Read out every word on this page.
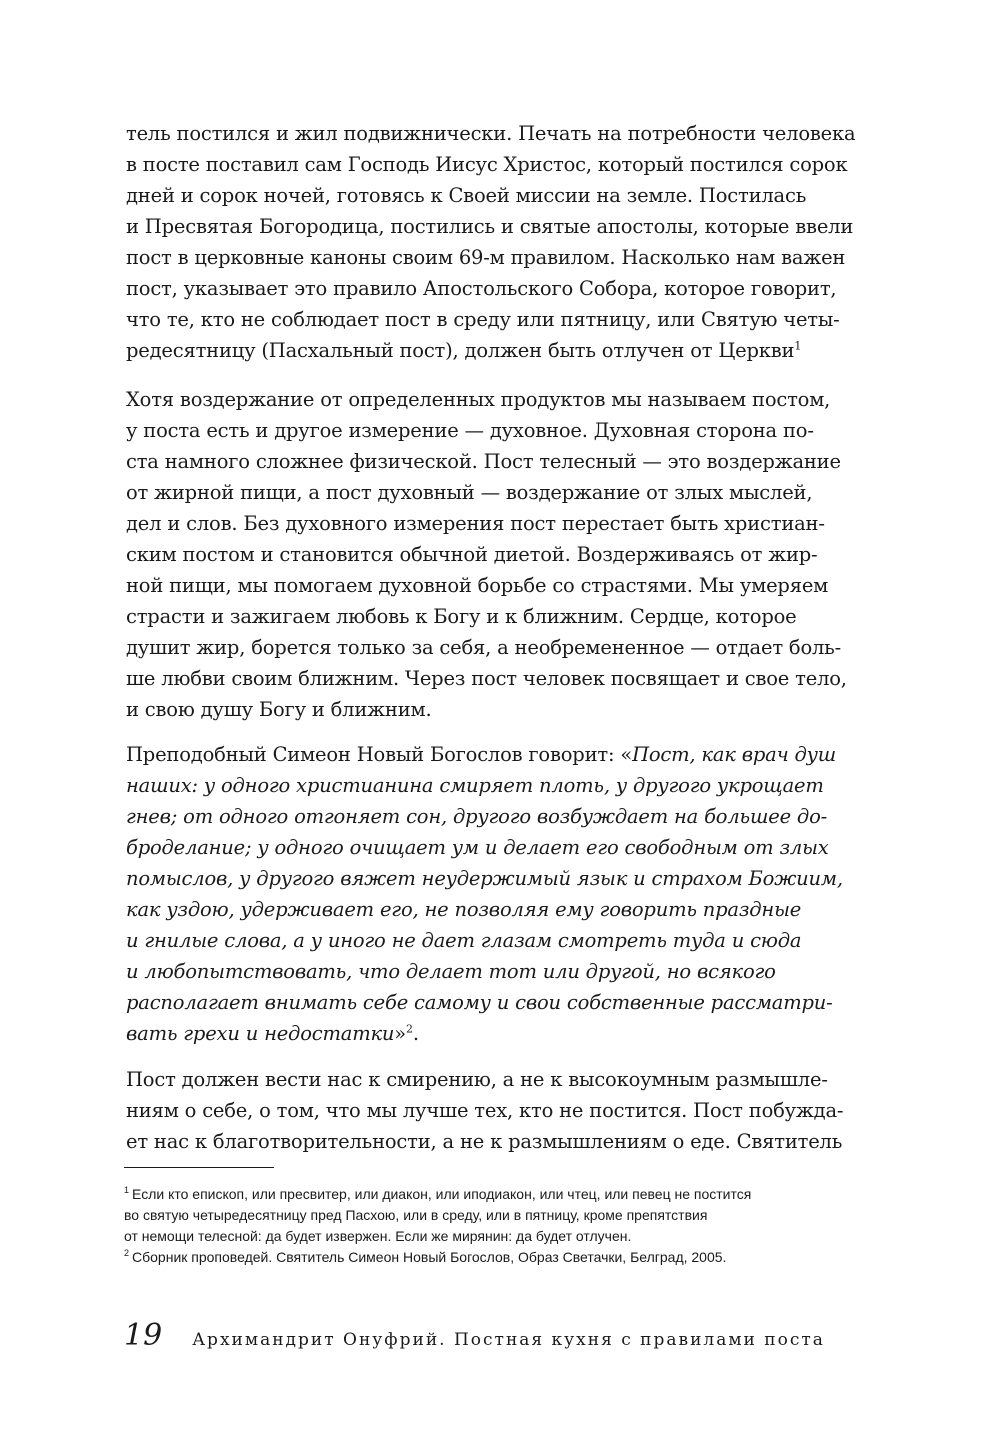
тель постился и жил подвижнически. Печать на потребности человека
в посте поставил сам Господь Иисус Христос, который постился сорок
дней и сорок ночей, готовясь к Своей миссии на земле. Постилась
и Пресвятая Богородица, постились и святые апостолы, которые ввели
пост в церковные каноны своим 69-м правилом. Насколько нам важен
пост, указывает это правило Апостольского Собора, которое говорит,
что те, кто не соблюдает пост в среду или пятницу, или Святую четы-
редесятницу (Пасхальный пост), должен быть отлучен от Церкви$^1$
Хотя воздержание от определенных продуктов мы называем постом,
у поста есть и другое измерение — духовное. Духовная сторона по-
ста намного сложнее физической. Пост телесный — это воздержание
от жирной пищи, а пост духовный — воздержание от злых мыслей,
дел и слов. Без духовного измерения пост перестает быть христиан-
ским постом и становится обычной диетой. Воздерживаясь от жир-
ной пищи, мы помогаем духовной борьбе со страстями. Мы умеряем
страсти и зажигаем любовь к Богу и к ближним. Сердце, которое
душит жир, борется только за себя, а необремененное — отдает боль-
ше любви своим ближним. Через пост человек посвящает и свое тело,
и свою душу Богу и ближним.
Преподобный Симеон Новый Богослов говорит: «Пост, как врач душ
наших: у одного христианина смиряет плоть, у другого укрощает
гнев; от одного отгоняет сон, другого возбуждает на большее до-
броделание; у одного очищает ум и делает его свободным от злых
помыслов, у другого вяжет неудержимый язык и страхом Божиим,
как уздою, удерживает его, не позволяя ему говорить праздные
и гнилые слова, а у иного не дает глазам смотреть туда и сюда
и любопытствовать, что делает тот или другой, но всякого
располагает внимать себе самому и свои собственные рассматри-
вать грехи и недостатки»$^2$.
Пост должен вести нас к смирению, а не к высокоумным размышле-
ниям о себе, о том, что мы лучше тех, кто не постится. Пост побужда-
ет нас к благотворительности, а не к размышлениям о еде. Святитель
$^1$ Если кто епископ, или пресвитер, или диакон, или иподиакон, или чтец, или певец не постится
во святую четыредесятницу пред Пасхою, или в среду, или в пятницу, кроме препятствия
от немощи телесной: да будет извержен. Если же мирянин: да будет отлучен.
$^2$ Сборник проповедей. Святитель Симеон Новый Богослов, Образ Светачки, Белград, 2005.
19 Архимандрит Онуфрий. Постная кухня с правилами поста
